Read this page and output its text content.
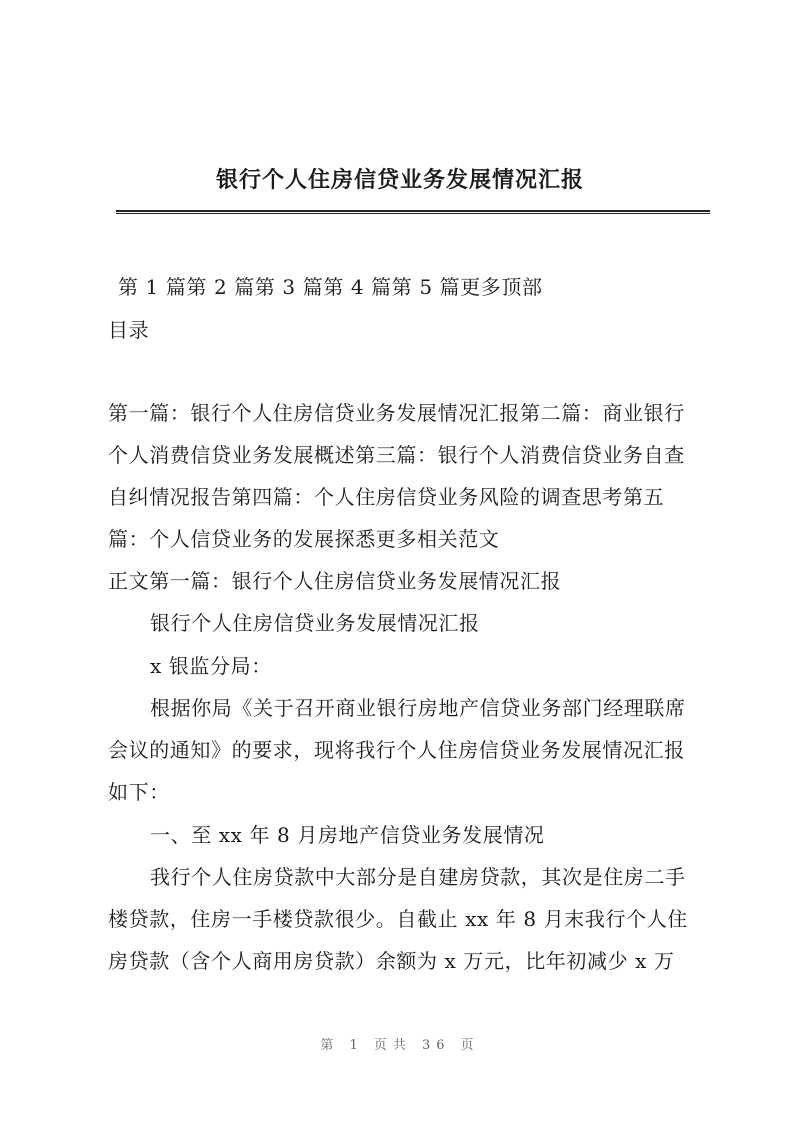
银行个人住房信贷业务发展情况汇报
第 1 篇第 2 篇第 3 篇第 4 篇第 5 篇更多顶部
目录
第一篇：银行个人住房信贷业务发展情况汇报第二篇：商业银行
个人消费信贷业务发展概述第三篇：银行个人消费信贷业务自查
自纠情况报告第四篇：个人住房信贷业务风险的调查思考第五
篇：个人信贷业务的发展探悉更多相关范文
正文第一篇：银行个人住房信贷业务发展情况汇报
银行个人住房信贷业务发展情况汇报
x 银监分局：
根据你局《关于召开商业银行房地产信贷业务部门经理联席
会议的通知》的要求，现将我行个人住房信贷业务发展情况汇报
如下：
一、至 xx 年 8 月房地产信贷业务发展情况
我行个人住房贷款中大部分是自建房贷款，其次是住房二手
楼贷款，住房一手楼贷款很少。自截止 xx 年 8 月末我行个人住
房贷款（含个人商用房贷款）余额为 x 万元，比年初减少 x 万
第 1 页共 36 页
